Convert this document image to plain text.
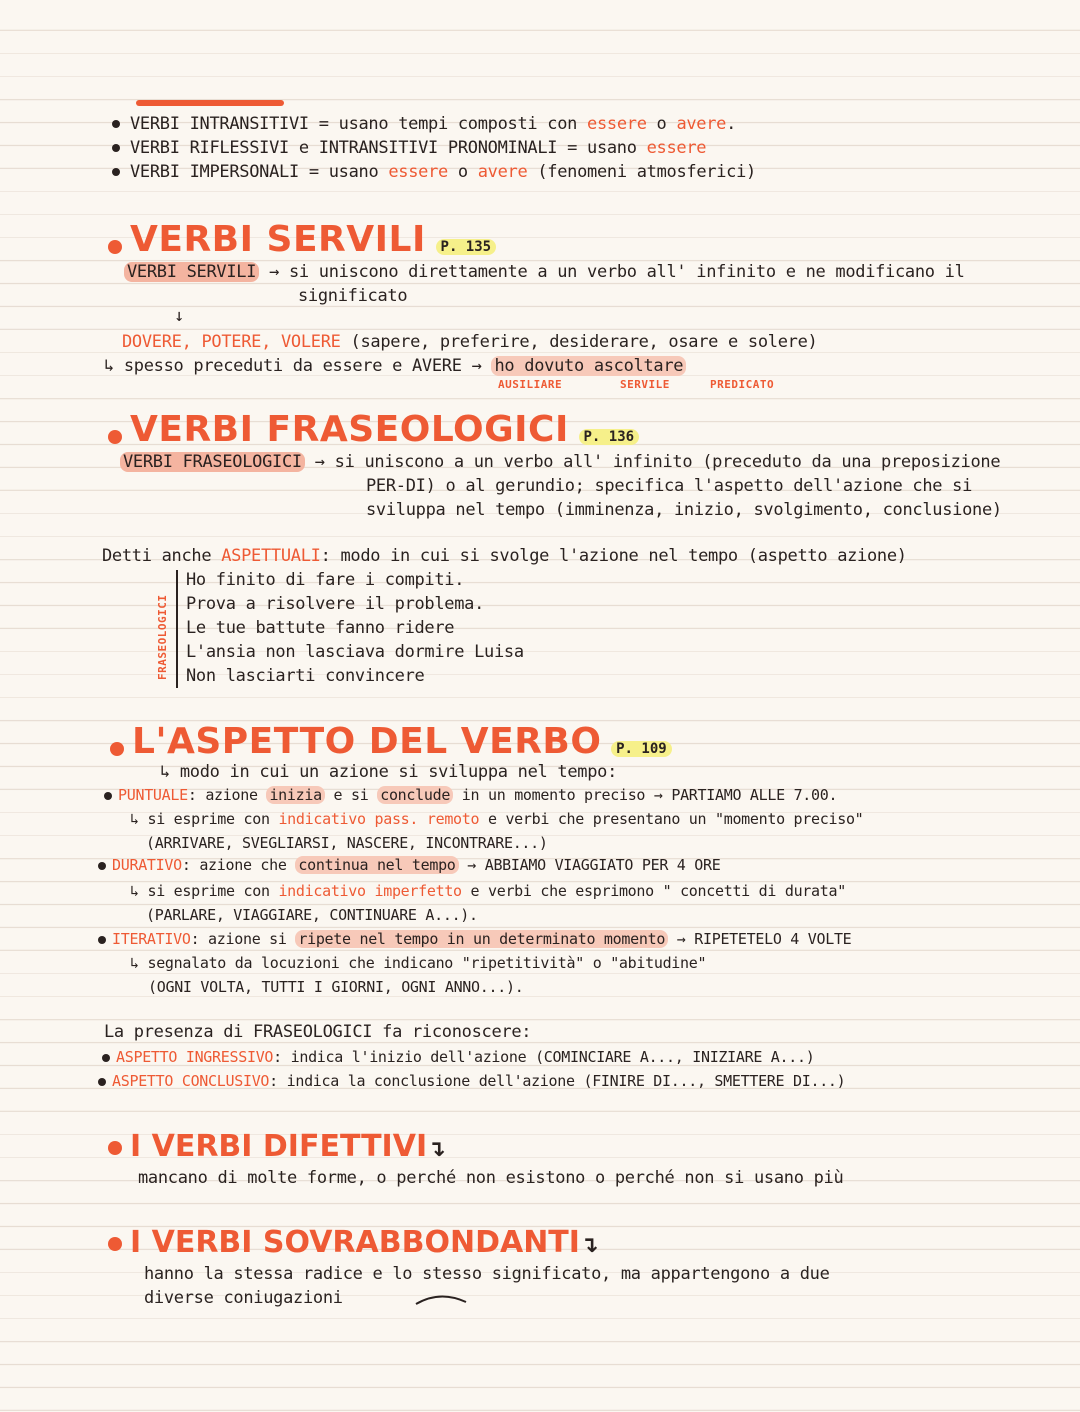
VERBI INTRANSITIVI = usano tempi composti con essere o avere.
VERBI RIFLESSIVI e INTRANSITIVI PRONOMINALI = usano essere
VERBI IMPERSONALI = usano essere o avere (fenomeni atmosferici)
VERBI SERVILI P. 135
VERBI SERVILI → si uniscono direttamente a un verbo all' infinito e ne modificano il
significato
↓
DOVERE, POTERE, VOLERE (sapere, preferire, desiderare, osare e solere)
↳ spesso preceduti da essere e AVERE → ho dovuto ascoltare
AUSILIARE	SERVILE	PREDICATO
VERBI FRASEOLOGICI P. 136
VERBI FRASEOLOGICI → si uniscono a un verbo all' infinito (preceduto da una preposizione
PER-DI) o al gerundio; specifica l'aspetto dell'azione che si
sviluppa nel tempo (imminenza, inizio, svolgimento, conclusione)
Detti anche ASPETTUALI: modo in cui si svolge l'azione nel tempo (aspetto azione)
FRASEOLOGICI
Ho finito di fare i compiti.
Prova a risolvere il problema.
Le tue battute fanno ridere
L'ansia non lasciava dormire Luisa
Non lasciarti convincere
L'ASPETTO DEL VERBO P. 109
↳ modo in cui un azione si sviluppa nel tempo:
PUNTUALE: azione inizia e si conclude in un momento preciso → PARTIAMO ALLE 7.00.
↳ si esprime con indicativo pass. remoto e verbi che presentano un "momento preciso"
(ARRIVARE, SVEGLIARSI, NASCERE, INCONTRARE...)
DURATIVO: azione che continua nel tempo → ABBIAMO VIAGGIATO PER 4 ORE
↳ si esprime con indicativo imperfetto e verbi che esprimono " concetti di durata"
(PARLARE, VIAGGIARE, CONTINUARE A...).
ITERATIVO: azione si ripete nel tempo in un determinato momento → RIPETETELO 4 VOLTE
↳ segnalato da locuzioni che indicano "ripetitività" o "abitudine"
(OGNI VOLTA, TUTTI I GIORNI, OGNI ANNO...).
La presenza di FRASEOLOGICI fa riconoscere:
ASPETTO INGRESSIVO: indica l'inizio dell'azione (COMINCIARE A..., INIZIARE A...)
ASPETTO CONCLUSIVO: indica la conclusione dell'azione (FINIRE DI..., SMETTERE DI...)
I VERBI DIFETTIVI↴
mancano di molte forme, o perché non esistono o perché non si usano più
I VERBI SOVRABBONDANTI↴
hanno la stessa radice e lo stesso significato, ma appartengono a due
diverse coniugazioni
